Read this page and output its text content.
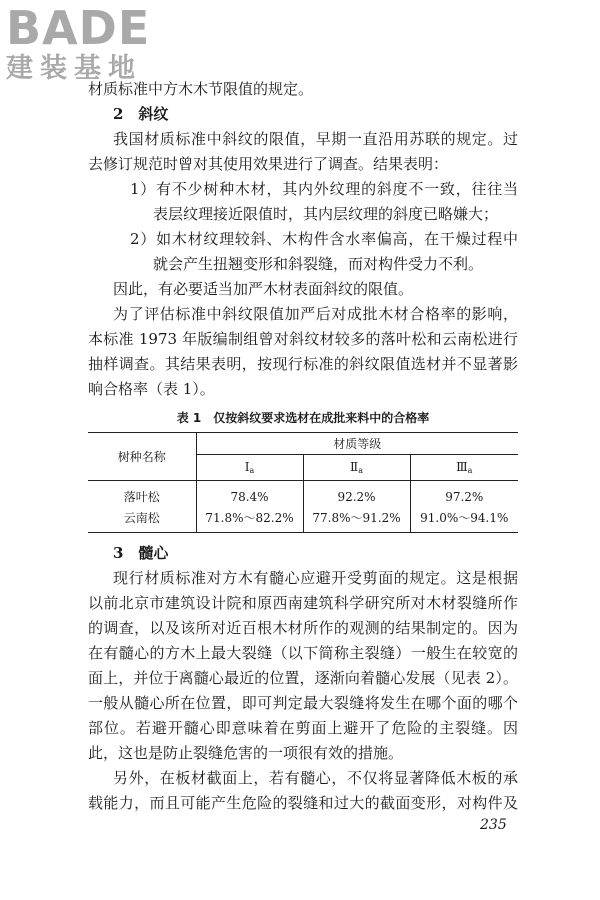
BADE
建装基地
材质标准中方木木节限值的规定。
2　斜纹
我国材质标准中斜纹的限值，早期一直沿用苏联的规定。过
去修订规范时曾对其使用效果进行了调查。结果表明：
1）有不少树种木材，其内外纹理的斜度不一致，往往当
表层纹理接近限值时，其内层纹理的斜度已略嫌大；
2）如木材纹理较斜、木构件含水率偏高，在干燥过程中
就会产生扭翘变形和斜裂缝，而对构件受力不利。
因此，有必要适当加严木材表面斜纹的限值。
为了评估标准中斜纹限值加严后对成批木材合格率的影响，
本标准 1973 年版编制组曾对斜纹材较多的落叶松和云南松进行
抽样调查。其结果表明，按现行标准的斜纹限值选材并不显著影
响合格率（表 1）。
表 1　仅按斜纹要求选材在成批来料中的合格率
树种名称	材质等级		
	$Ⅰ_a$	$Ⅱ_a$	$Ⅲ_a$
落叶松	78.4%	92.2%	97.2%
云南松	71.8%～82.2%	77.8%～91.2%	91.0%～94.1%
3　髓心
现行材质标准对方木有髓心应避开受剪面的规定。这是根据
以前北京市建筑设计院和原西南建筑科学研究所对木材裂缝所作
的调查，以及该所对近百根木材所作的观测的结果制定的。因为
在有髓心的方木上最大裂缝（以下简称主裂缝）一般生在较宽的
面上，并位于离髓心最近的位置，逐渐向着髓心发展（见表 2）。
一般从髓心所在位置，即可判定最大裂缝将发生在哪个面的哪个
部位。若避开髓心即意味着在剪面上避开了危险的主裂缝。因
此，这也是防止裂缝危害的一项很有效的措施。
另外，在板材截面上，若有髓心，不仅将显著降低木板的承
载能力，而且可能产生危险的裂缝和过大的截面变形，对构件及
235
